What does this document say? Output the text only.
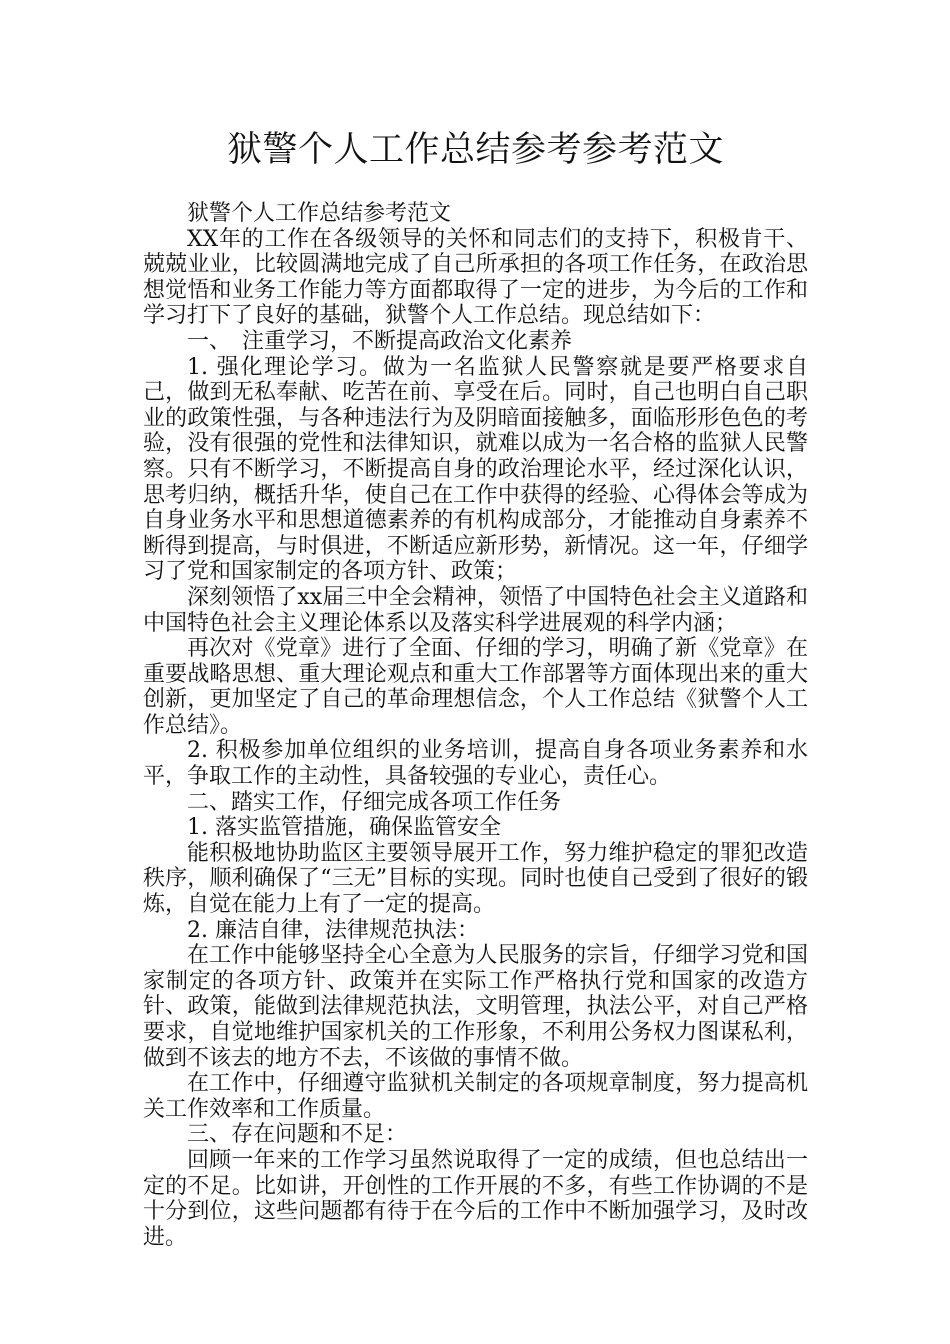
狱警个人工作总结参考参考范文

狱警个人工作总结参考范文

XX年的工作在各级领导的关怀和同志们的支持下，积极肯干、兢兢业业，比较圆满地完成了自己所承担的各项工作任务，在政治思想觉悟和业务工作能力等方面都取得了一定的进步，为今后的工作和学习打下了良好的基础，狱警个人工作总结。现总结如下：

一、　注重学习，不断提高政治文化素养

1. 强化理论学习。做为一名监狱人民警察就是要严格要求自己，做到无私奉献、吃苦在前、享受在后。同时，自己也明白自己职业的政策性强，与各种违法行为及阴暗面接触多，面临形形色色的考验，没有很强的党性和法律知识，就难以成为一名合格的监狱人民警察。只有不断学习，不断提高自身的政治理论水平，经过深化认识，思考归纳，概括升华，使自己在工作中获得的经验、心得体会等成为自身业务水平和思想道德素养的有机构成部分，才能推动自身素养不断得到提高，与时俱进，不断适应新形势，新情况。这一年，仔细学习了党和国家制定的各项方针、政策；

深刻领悟了xx届三中全会精神，领悟了中国特色社会主义道路和中国特色社会主义理论体系以及落实科学进展观的科学内涵；

再次对《党章》进行了全面、仔细的学习，明确了新《党章》在重要战略思想、重大理论观点和重大工作部署等方面体现出来的重大创新，更加坚定了自己的革命理想信念，个人工作总结《狱警个人工作总结》。

2. 积极参加单位组织的业务培训，提高自身各项业务素养和水平，争取工作的主动性，具备较强的专业心，责任心。

二、踏实工作，仔细完成各项工作任务

1. 落实监管措施，确保监管安全

能积极地协助监区主要领导展开工作，努力维护稳定的罪犯改造秩序，顺利确保了“三无”目标的实现。同时也使自己受到了很好的锻炼，自觉在能力上有了一定的提高。

2. 廉洁自律，法律规范执法：

在工作中能够坚持全心全意为人民服务的宗旨，仔细学习党和国家制定的各项方针、政策并在实际工作严格执行党和国家的改造方针、政策，能做到法律规范执法，文明管理，执法公平，对自己严格要求，自觉地维护国家机关的工作形象，不利用公务权力图谋私利，做到不该去的地方不去，不该做的事情不做。

在工作中，仔细遵守监狱机关制定的各项规章制度，努力提高机关工作效率和工作质量。

三、存在问题和不足：

回顾一年来的工作学习虽然说取得了一定的成绩，但也总结出一定的不足。比如讲，开创性的工作开展的不多，有些工作协调的不是十分到位，这些问题都有待于在今后的工作中不断加强学习，及时改进。
